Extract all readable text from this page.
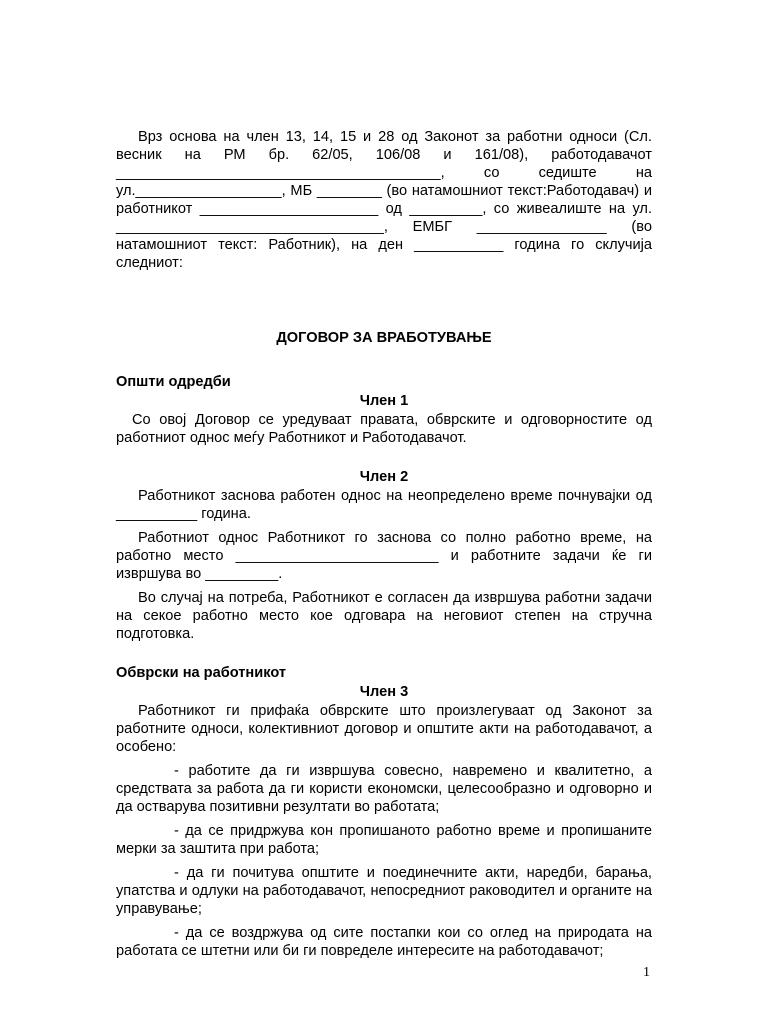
Врз основа на член 13, 14, 15 и 28 од Законот за работни односи (Сл. весник на РМ бр. 62/05, 106/08 и 161/08), работодавачот ________________________________________, со седиште на ул.__________________, МБ ________ (во натамошниот текст:Работодавач) и работникот ______________________ од _________, со живеалиште на ул. _________________________________, ЕМБГ ________________ (во натамошниот текст: Работник), на ден ___________ година го склучија следниот:

ДОГОВОР ЗА ВРАБОТУВАЊЕ

Општи одредби

Член 1

Со овој Договор се уредуваат правата, обврските и одговорностите од работниот однос меѓу Работникот и Работодавачот.

Член 2

Работникот заснова работен однос на неопределено време почнувајки од __________ година.

Работниот однос Работникот го заснова со полно работно време, на работно место _________________________ и работните задачи ќе ги извршува во _________.

Во случај на потреба, Работникот е согласен да извршува работни задачи на секое работно место кое одговара на неговиот степен на стручна подготовка.

Обврски на работникот

Член 3

Работникот ги прифаќа обврските што произлегуваат од Законот за работните односи, колективниот договор и општите акти на работодавачот, а особено:

- работите да ги извршува совесно, навремено и квалитетно, а средствата за работа да ги користи економски, целесообразно и одговорно и да остварува позитивни резултати во работата;

- да се придржува кон пропишаното работно време и пропишаните мерки за заштита при работа;

- да ги почитува општите и поединечните акти, наредби, барања, упатства и одлуки на работодавачот, непосредниот раководител и органите на управување;

- да се воздржува од сите постапки кои со оглед на природата на работата се штетни или би ги повределе интересите на работодавачот;

1
